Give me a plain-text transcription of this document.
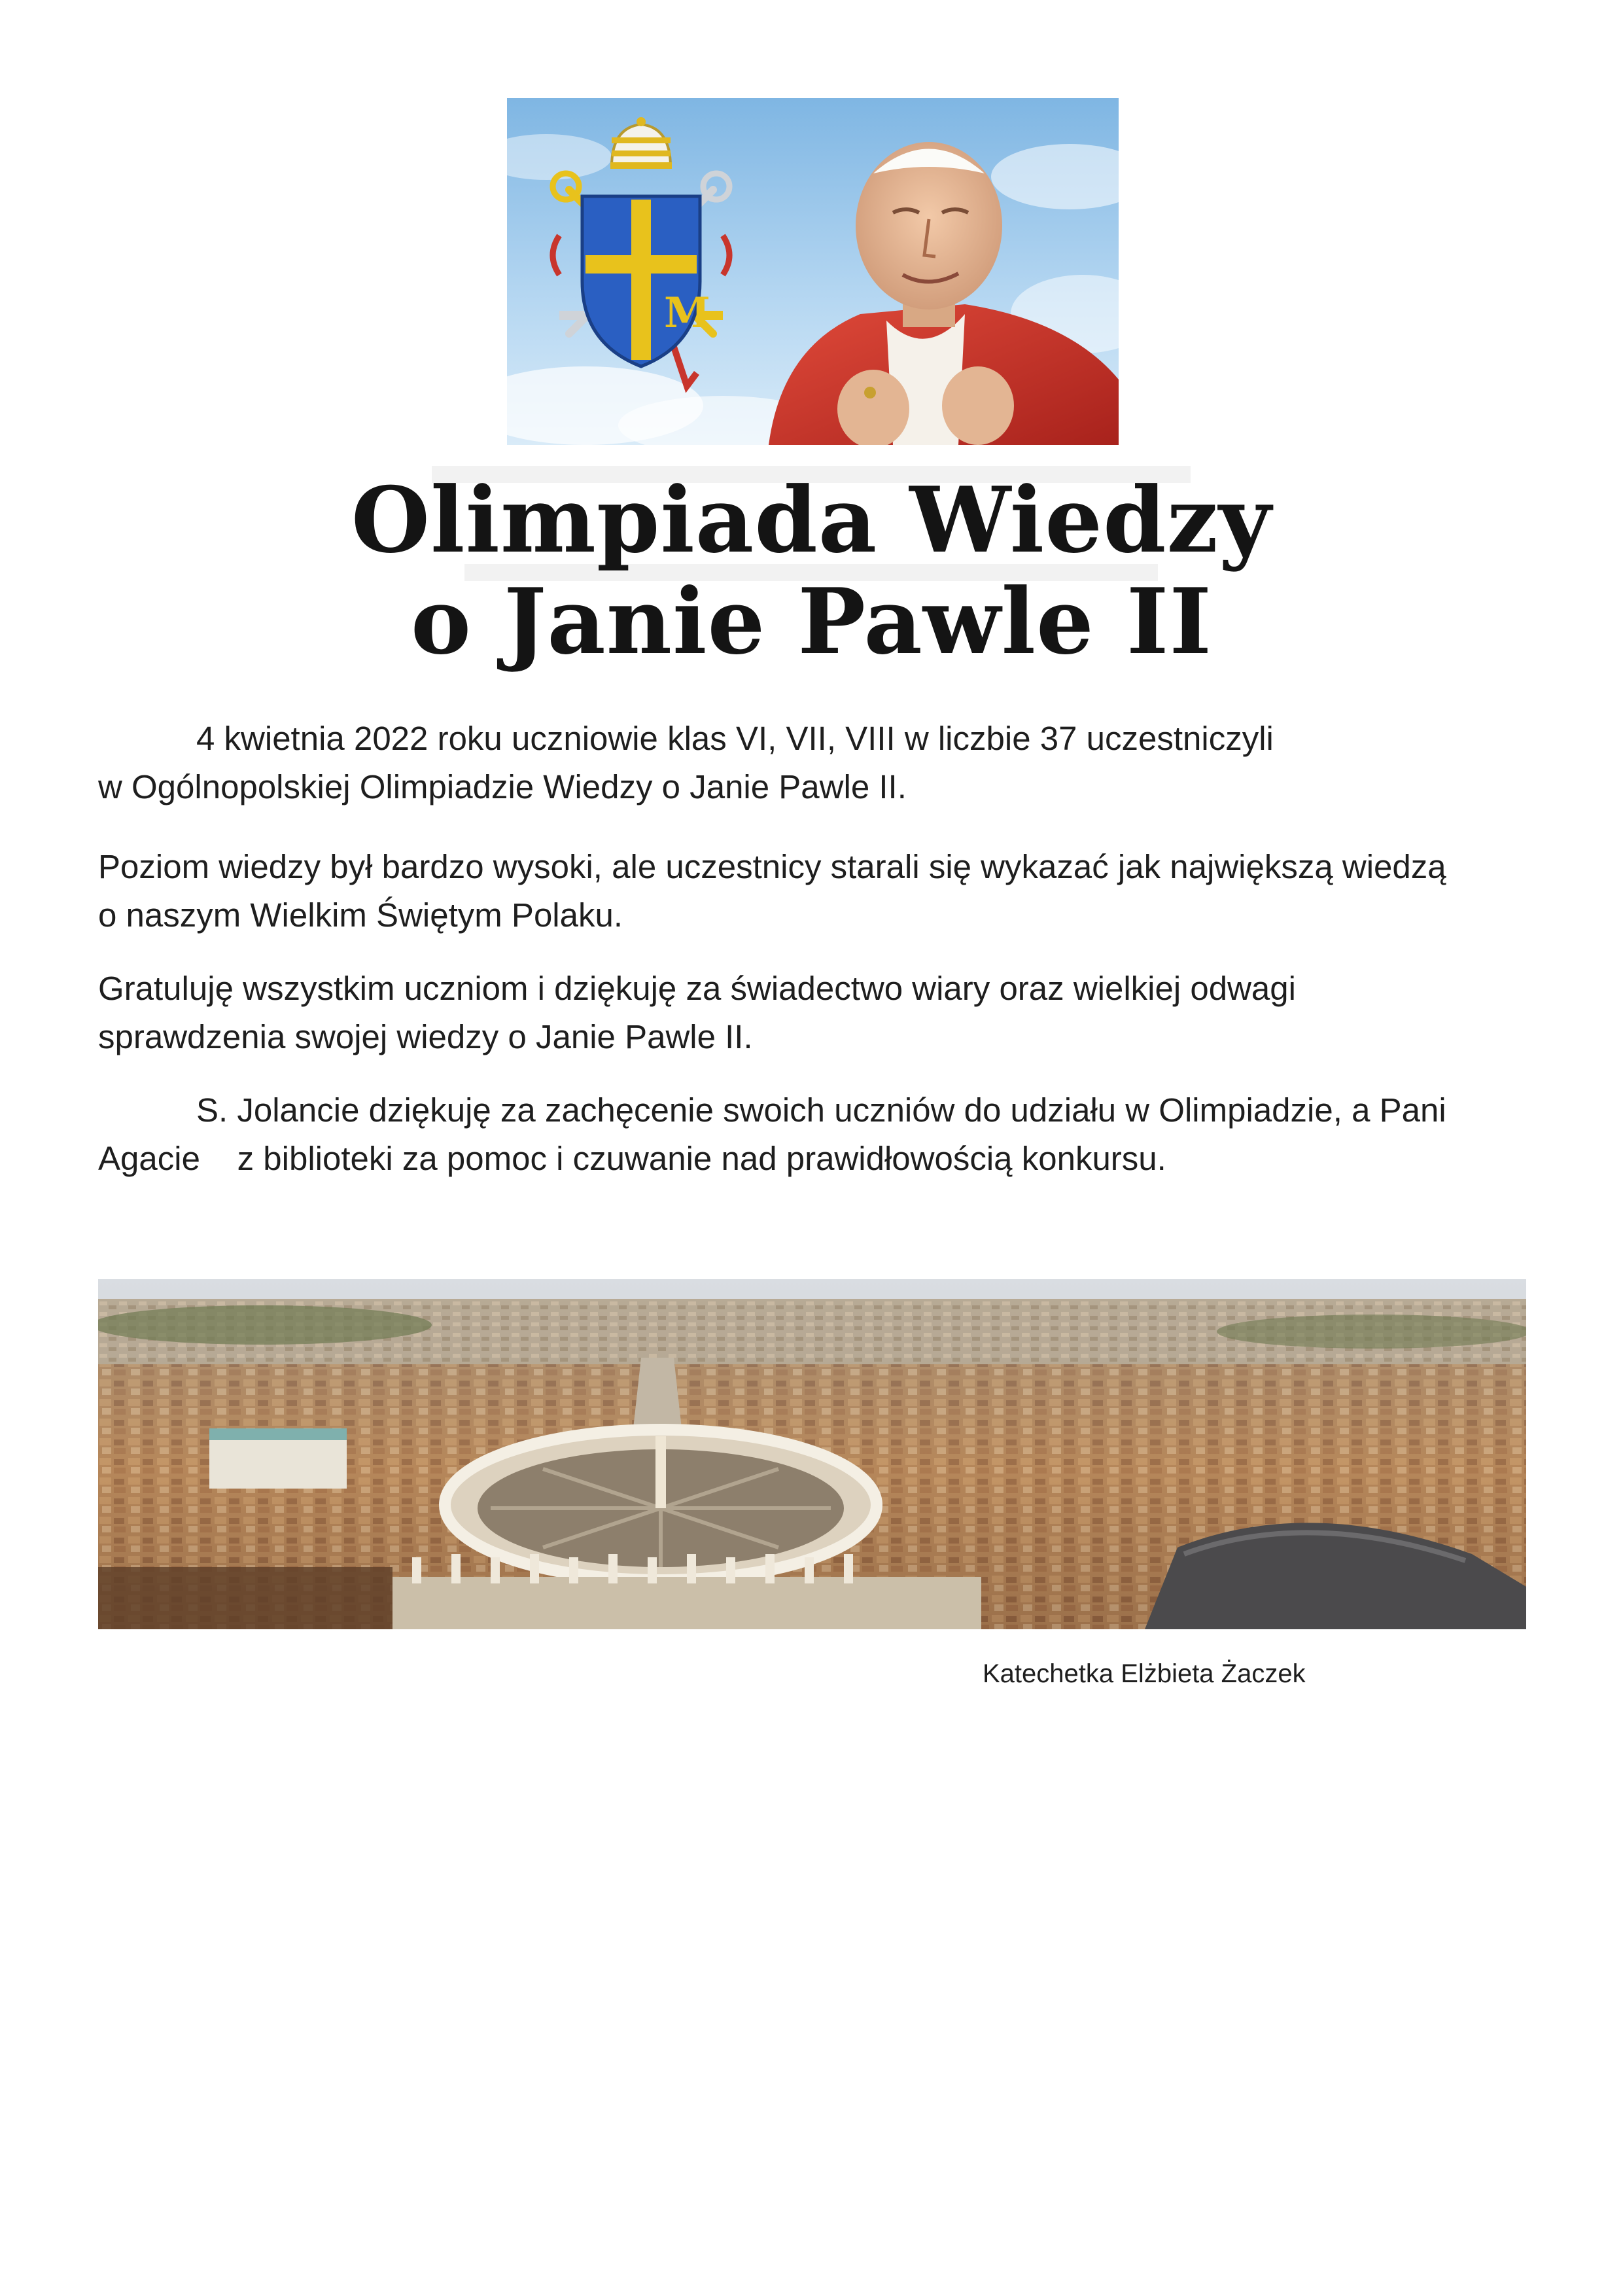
M
Olimpiada Wiedzy
o Janie Pawle II

4 kwietnia 2022 roku uczniowie klas VI, VII, VIII w liczbie 37 uczestniczyli

w Ogólnopolskiej Olimpiadzie Wiedzy o Janie Pawle II.

Poziom wiedzy był bardzo wysoki, ale uczestnicy starali się wykazać jak największą wiedzą

o naszym Wielkim Świętym Polaku.

Gratuluję wszystkim uczniom i dziękuję za świadectwo wiary oraz wielkiej odwagi

sprawdzenia swojej wiedzy o Janie Pawle II.

S. Jolancie dziękuję za zachęcenie swoich uczniów do udziału w Olimpiadzie, a Pani

Agacie    z biblioteki za pomoc i czuwanie nad prawidłowością konkursu.

Katechetka Elżbieta Żaczek
